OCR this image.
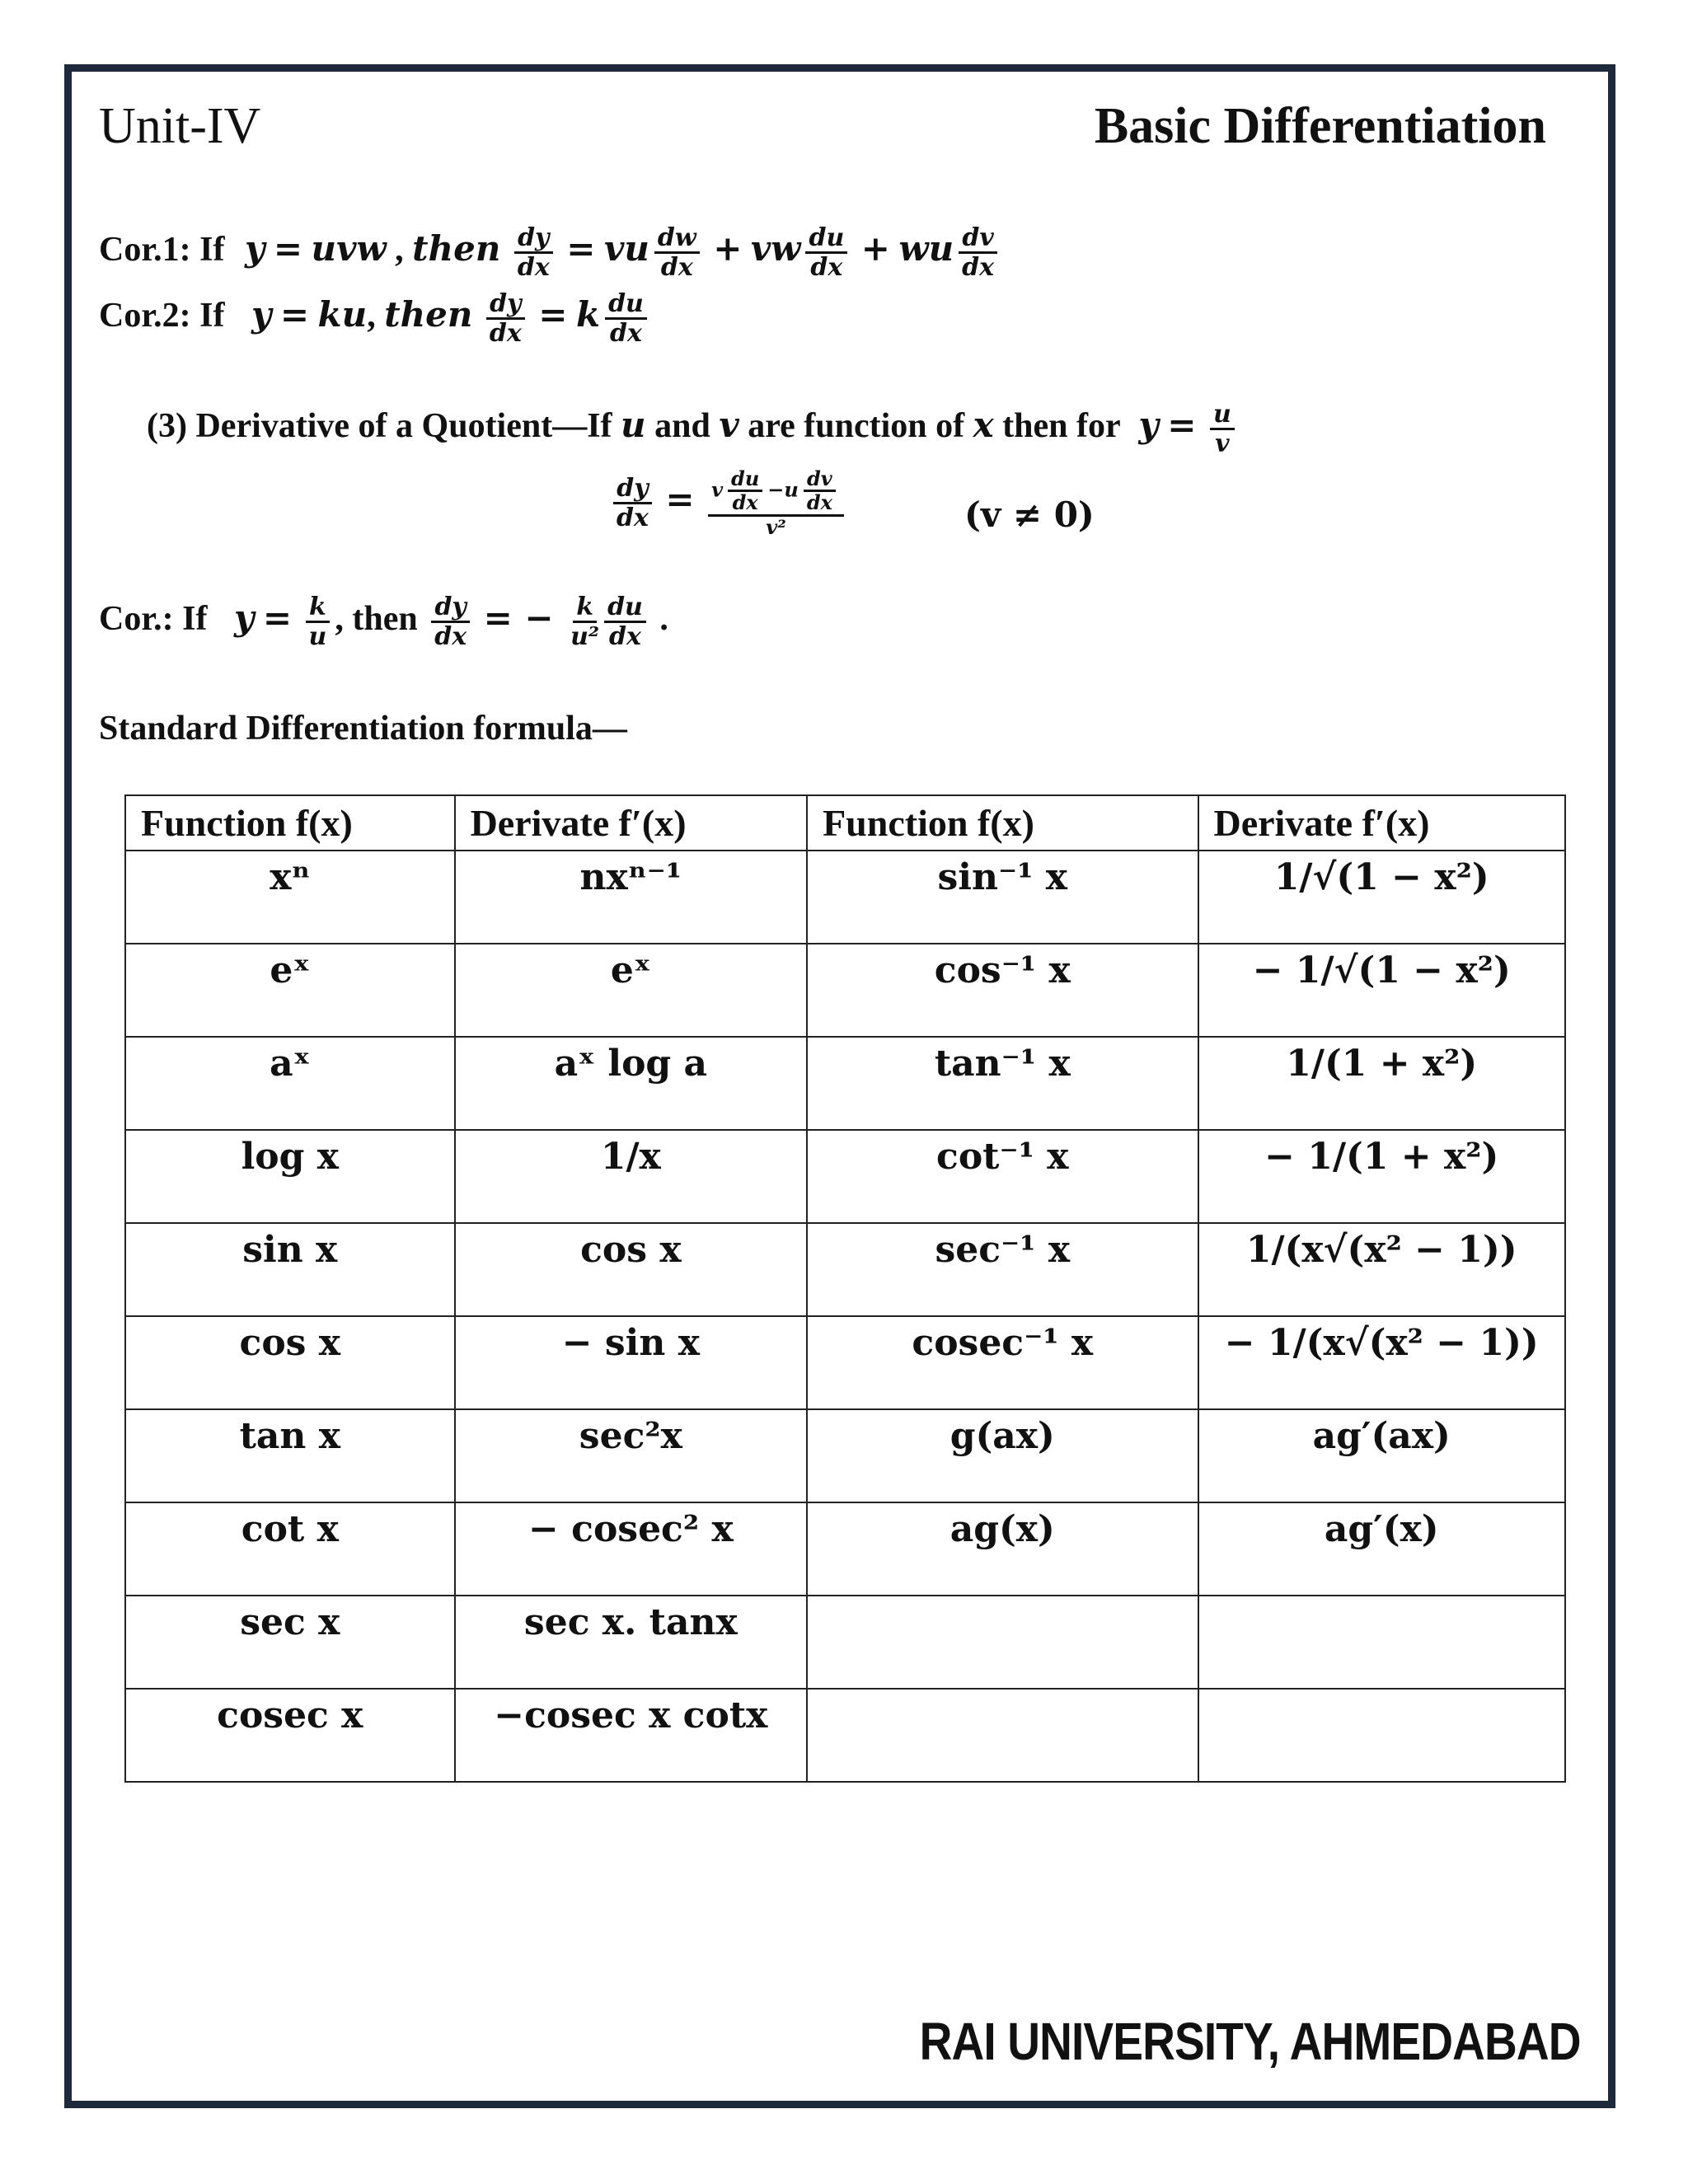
Unit-IV	Basic Differentiation
Cor.1: If y = uvw , then $\frac{dy}{dx}$ = vu $\frac{dw}{dx}$ + vw $\frac{du}{dx}$ + wu $\frac{dv}{dx}$
Cor.2: If y = ku, then $\frac{dy}{dx} = k \frac{du}{dx}$
(3) Derivative of a Quotient—If u and v are function of x then for $y = \frac{u}{v}$
$\frac{dy}{dx} = \frac{v \frac{du}{dx} -u \frac{dv}{dx}}{\text{v²}}$	(v ≠ 0)
Cor.: If $y = \frac{k}{u}$ , then $\frac{dy}{dx}$ = − $\frac{k}{\text{u²}} \frac{du}{dx}$ .
Standard Differentiation formula—
Function f(x)	Derivate f′(x)	Function f(x)	Derivate f′(x)
xⁿ	nxⁿ⁻¹	sin⁻¹ x	1/√(1 − x²)
eˣ	eˣ	cos⁻¹ x	− 1/√(1 − x²)
aˣ	aˣ log a	tan⁻¹ x	1/(1 + x²)
log x	1/x	cot⁻¹ x	− 1/(1 + x²)
sin x	cos x	sec⁻¹ x	1/(x√(x² − 1))
cos x	− sin x	cosec⁻¹ x	− 1/(x√(x² − 1))
tan x	sec²x	g(ax)	ag′(ax)
cot x	− cosec² x	ag(x)	ag′(x)
sec x	sec x. tanx		
cosec x	−cosec x cotx		
RAI UNIVERSITY, AHMEDABAD
